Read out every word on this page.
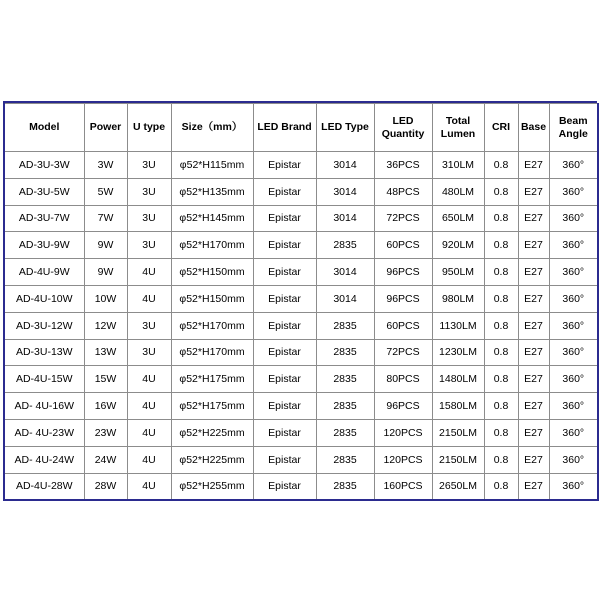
Model	Power	U type	Size（mm）	LED Brand	LED Type	LED Quantity	Total Lumen	CRI	Base	Beam Angle
AD-3U-3W	3W	3U	φ52*H115mm	Epistar	3014	36PCS	310LM	0.8	E27	360°
AD-3U-5W	5W	3U	φ52*H135mm	Epistar	3014	48PCS	480LM	0.8	E27	360°
AD-3U-7W	7W	3U	φ52*H145mm	Epistar	3014	72PCS	650LM	0.8	E27	360°
AD-3U-9W	9W	3U	φ52*H170mm	Epistar	2835	60PCS	920LM	0.8	E27	360°
AD-4U-9W	9W	4U	φ52*H150mm	Epistar	3014	96PCS	950LM	0.8	E27	360°
AD-4U-10W	10W	4U	φ52*H150mm	Epistar	3014	96PCS	980LM	0.8	E27	360°
AD-3U-12W	12W	3U	φ52*H170mm	Epistar	2835	60PCS	1130LM	0.8	E27	360°
AD-3U-13W	13W	3U	φ52*H170mm	Epistar	2835	72PCS	1230LM	0.8	E27	360°
AD-4U-15W	15W	4U	φ52*H175mm	Epistar	2835	80PCS	1480LM	0.8	E27	360°
AD- 4U-16W	16W	4U	φ52*H175mm	Epistar	2835	96PCS	1580LM	0.8	E27	360°
AD- 4U-23W	23W	4U	φ52*H225mm	Epistar	2835	120PCS	2150LM	0.8	E27	360°
AD- 4U-24W	24W	4U	φ52*H225mm	Epistar	2835	120PCS	2150LM	0.8	E27	360°
AD-4U-28W	28W	4U	φ52*H255mm	Epistar	2835	160PCS	2650LM	0.8	E27	360°
